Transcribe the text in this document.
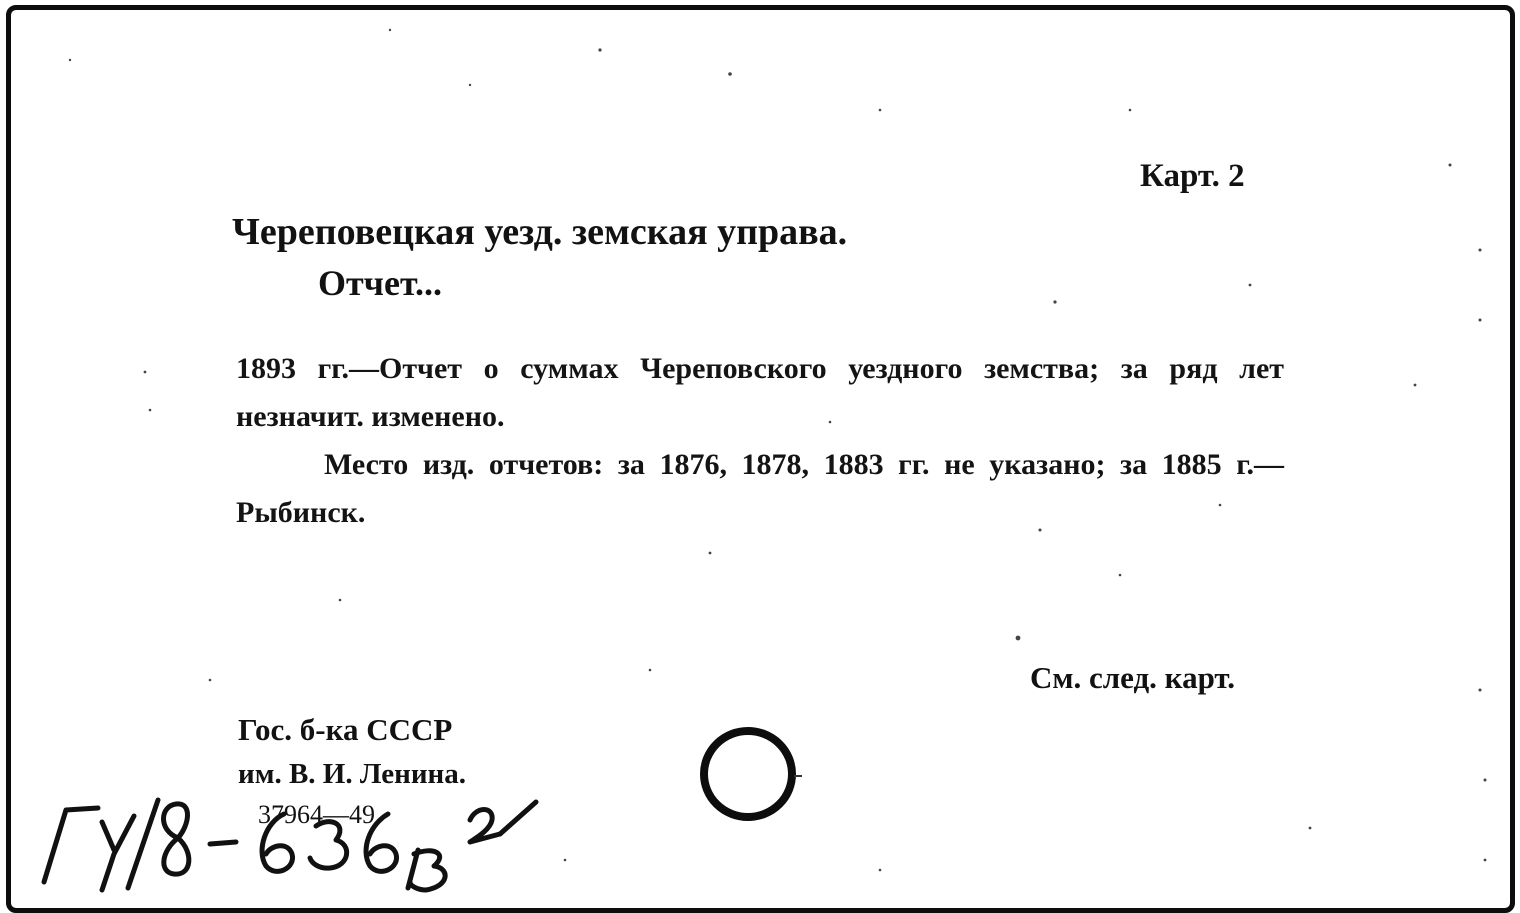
Карт. 2
Череповецкая уезд. земская управа.
Отчет...

1893 гг.—Отчет о суммах Череповского уездного земства; за ряд лет незначит. изменено.

Место изд. отчетов: за 1876, 1878, 1883 гг. не указано; за 1885 г.—Рыбинск.

См. след. карт.
Гос. б-ка СССР
им. В. И. Ленина.
37964—49
